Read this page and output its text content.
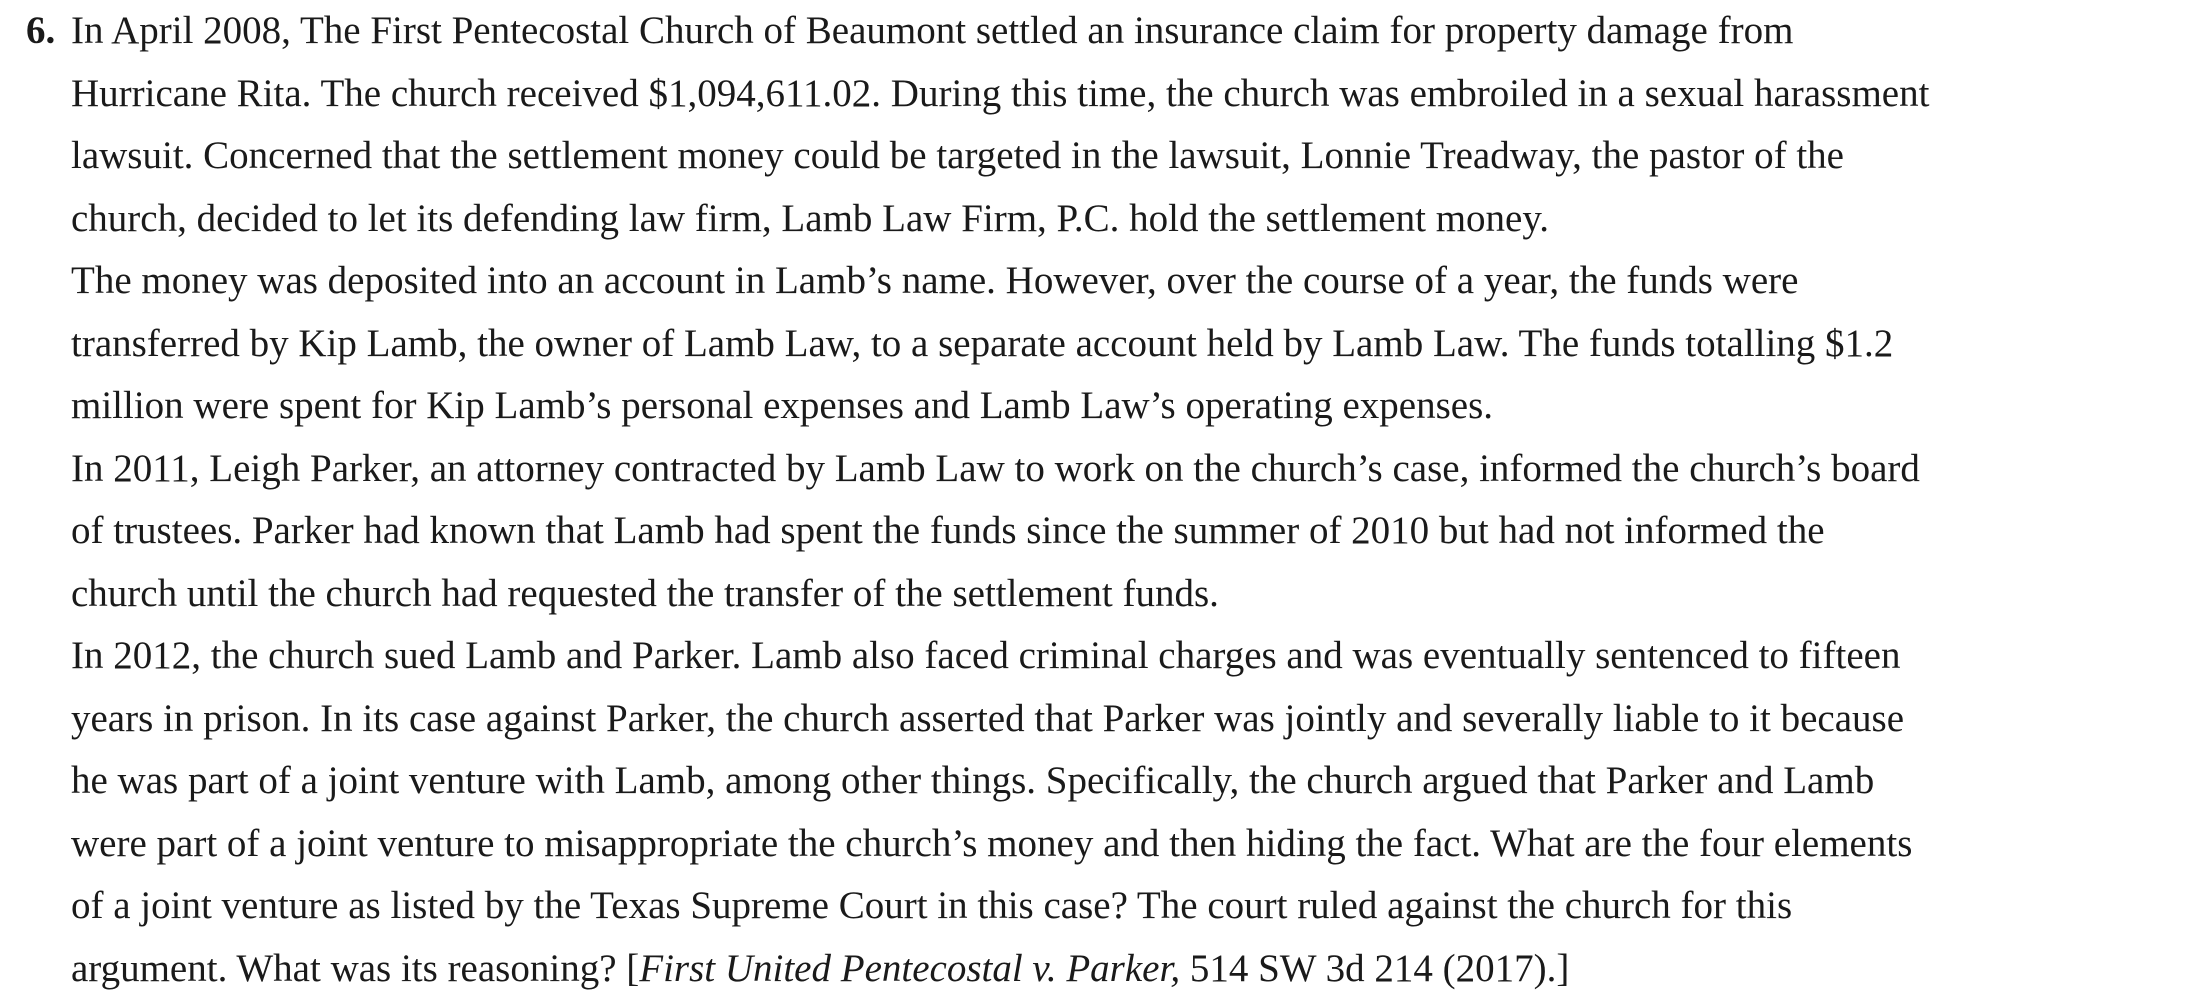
6. In April 2008, The First Pentecostal Church of Beaumont settled an insurance claim for property damage from
Hurricane Rita. The church received $1,094,611.02. During this time, the church was embroiled in a sexual harassment
lawsuit. Concerned that the settlement money could be targeted in the lawsuit, Lonnie Treadway, the pastor of the
church, decided to let its defending law firm, Lamb Law Firm, P.C. hold the settlement money.

The money was deposited into an account in Lamb’s name. However, over the course of a year, the funds were
transferred by Kip Lamb, the owner of Lamb Law, to a separate account held by Lamb Law. The funds totalling $1.2
million were spent for Kip Lamb’s personal expenses and Lamb Law’s operating expenses.

In 2011, Leigh Parker, an attorney contracted by Lamb Law to work on the church’s case, informed the church’s board
of trustees. Parker had known that Lamb had spent the funds since the summer of 2010 but had not informed the
church until the church had requested the transfer of the settlement funds.

In 2012, the church sued Lamb and Parker. Lamb also faced criminal charges and was eventually sentenced to fifteen
years in prison. In its case against Parker, the church asserted that Parker was jointly and severally liable to it because
he was part of a joint venture with Lamb, among other things. Specifically, the church argued that Parker and Lamb
were part of a joint venture to misappropriate the church’s money and then hiding the fact. What are the four elements
of a joint venture as listed by the Texas Supreme Court in this case? The court ruled against the church for this
argument. What was its reasoning? [First United Pentecostal v. Parker, 514 SW 3d 214 (2017).]
